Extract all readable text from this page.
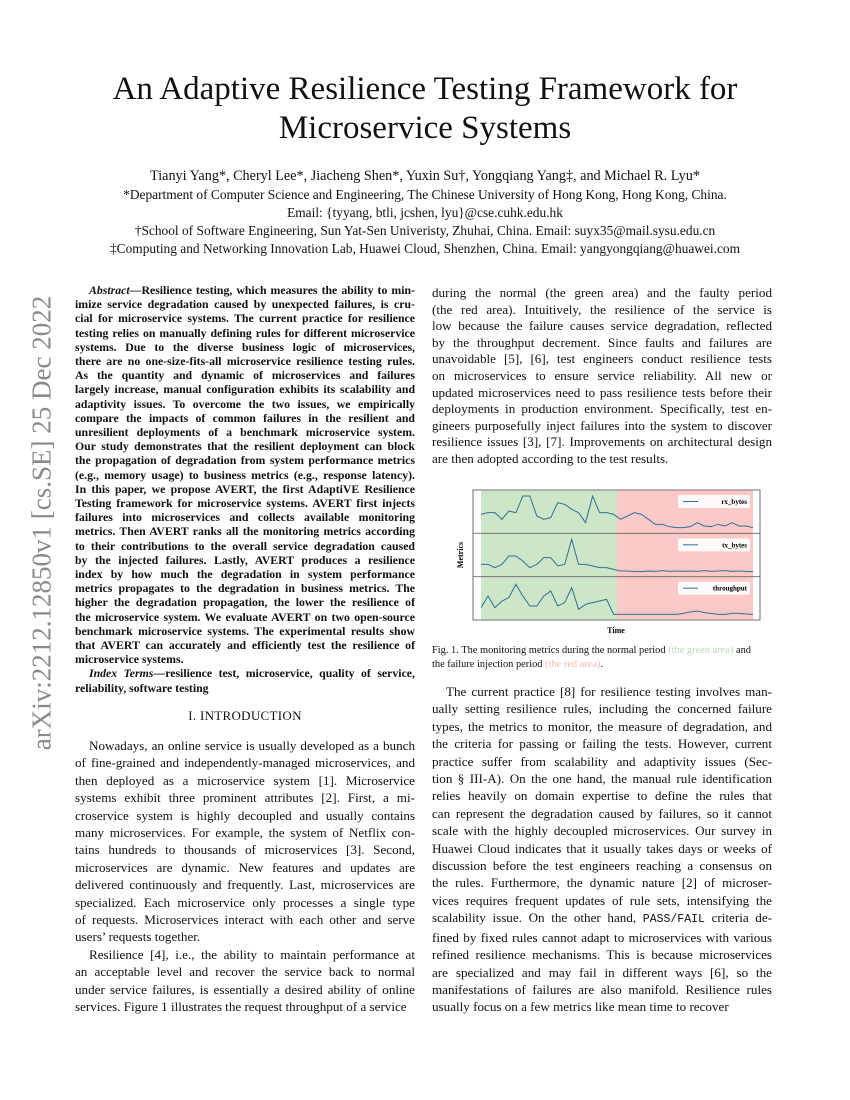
An Adaptive Resilience Testing Framework for
Microservice Systems
Tianyi Yang*, Cheryl Lee*, Jiacheng Shen*, Yuxin Su†, Yongqiang Yang‡, and Michael R. Lyu*
*Department of Computer Science and Engineering, The Chinese University of Hong Kong, Hong Kong, China.
Email: {tyyang, btli, jcshen, lyu}@cse.cuhk.edu.hk
†School of Software Engineering, Sun Yat-Sen Univeristy, Zhuhai, China. Email: suyx35@mail.sysu.edu.cn
‡Computing and Networking Innovation Lab, Huawei Cloud, Shenzhen, China. Email: yangyongqiang@huawei.com
arXiv:2212.12850v1 [cs.SE] 25 Dec 2022
Abstract—Resilience testing, which measures the ability to min-
imize service degradation caused by unexpected failures, is cru-
cial for microservice systems. The current practice for resilience
testing relies on manually defining rules for different microservice
systems. Due to the diverse business logic of microservices,
there are no one-size-fits-all microservice resilience testing rules.
As the quantity and dynamic of microservices and failures
largely increase, manual configuration exhibits its scalability and
adaptivity issues. To overcome the two issues, we empirically
compare the impacts of common failures in the resilient and
unresilient deployments of a benchmark microservice system.
Our study demonstrates that the resilient deployment can block
the propagation of degradation from system performance metrics
(e.g., memory usage) to business metrics (e.g., response latency).
In this paper, we propose AVERT, the first AdaptiVE Resilience
Testing framework for microservice systems. AVERT first injects
failures into microservices and collects available monitoring
metrics. Then AVERT ranks all the monitoring metrics according
to their contributions to the overall service degradation caused
by the injected failures. Lastly, AVERT produces a resilience
index by how much the degradation in system performance
metrics propagates to the degradation in business metrics. The
higher the degradation propagation, the lower the resilience of
the microservice system. We evaluate AVERT on two open-source
benchmark microservice systems. The experimental results show
that AVERT can accurately and efficiently test the resilience of
microservice systems.
Index Terms—resilience test, microservice, quality of service,
reliability, software testing
I. INTRODUCTION
Nowadays, an online service is usually developed as a bunch
of fine-grained and independently-managed microservices, and
then deployed as a microservice system [1]. Microservice
systems exhibit three prominent attributes [2]. First, a mi-
croservice system is highly decoupled and usually contains
many microservices. For example, the system of Netflix con-
tains hundreds to thousands of microservices [3]. Second,
microservices are dynamic. New features and updates are
delivered continuously and frequently. Last, microservices are
specialized. Each microservice only processes a single type
of requests. Microservices interact with each other and serve
users’ requests together.
Resilience [4], i.e., the ability to maintain performance at
an acceptable level and recover the service back to normal
under service failures, is essentially a desired ability of online
services. Figure 1 illustrates the request throughput of a service
during the normal (the green area) and the faulty period
(the red area). Intuitively, the resilience of the service is
low because the failure causes service degradation, reflected
by the throughput decrement. Since faults and failures are
unavoidable [5], [6], test engineers conduct resilience tests
on microservices to ensure service reliability. All new or
updated microservices need to pass resilience tests before their
deployments in production environment. Specifically, test en-
gineers purposefully inject failures into the system to discover
resilience issues [3], [7]. Improvements on architectural design
are then adopted according to the test results.
rx_bytes
tx_bytes
throughput
Metrics
Time
Fig. 1. The monitoring metrics during the normal period (the green area) and
the failure injection period (the red area).
The current practice [8] for resilience testing involves man-
ually setting resilience rules, including the concerned failure
types, the metrics to monitor, the measure of degradation, and
the criteria for passing or failing the tests. However, current
practice suffer from scalability and adaptivity issues (Sec-
tion § III-A). On the one hand, the manual rule identification
relies heavily on domain expertise to define the rules that
can represent the degradation caused by failures, so it cannot
scale with the highly decoupled microservices. Our survey in
Huawei Cloud indicates that it usually takes days or weeks of
discussion before the test engineers reaching a consensus on
the rules. Furthermore, the dynamic nature [2] of microser-
vices requires frequent updates of rule sets, intensifying the
scalability issue. On the other hand, PASS/FAIL criteria de-
fined by fixed rules cannot adapt to microservices with various
refined resilience mechanisms. This is because microservices
are specialized and may fail in different ways [6], so the
manifestations of failures are also manifold. Resilience rules
usually focus on a few metrics like mean time to recover
